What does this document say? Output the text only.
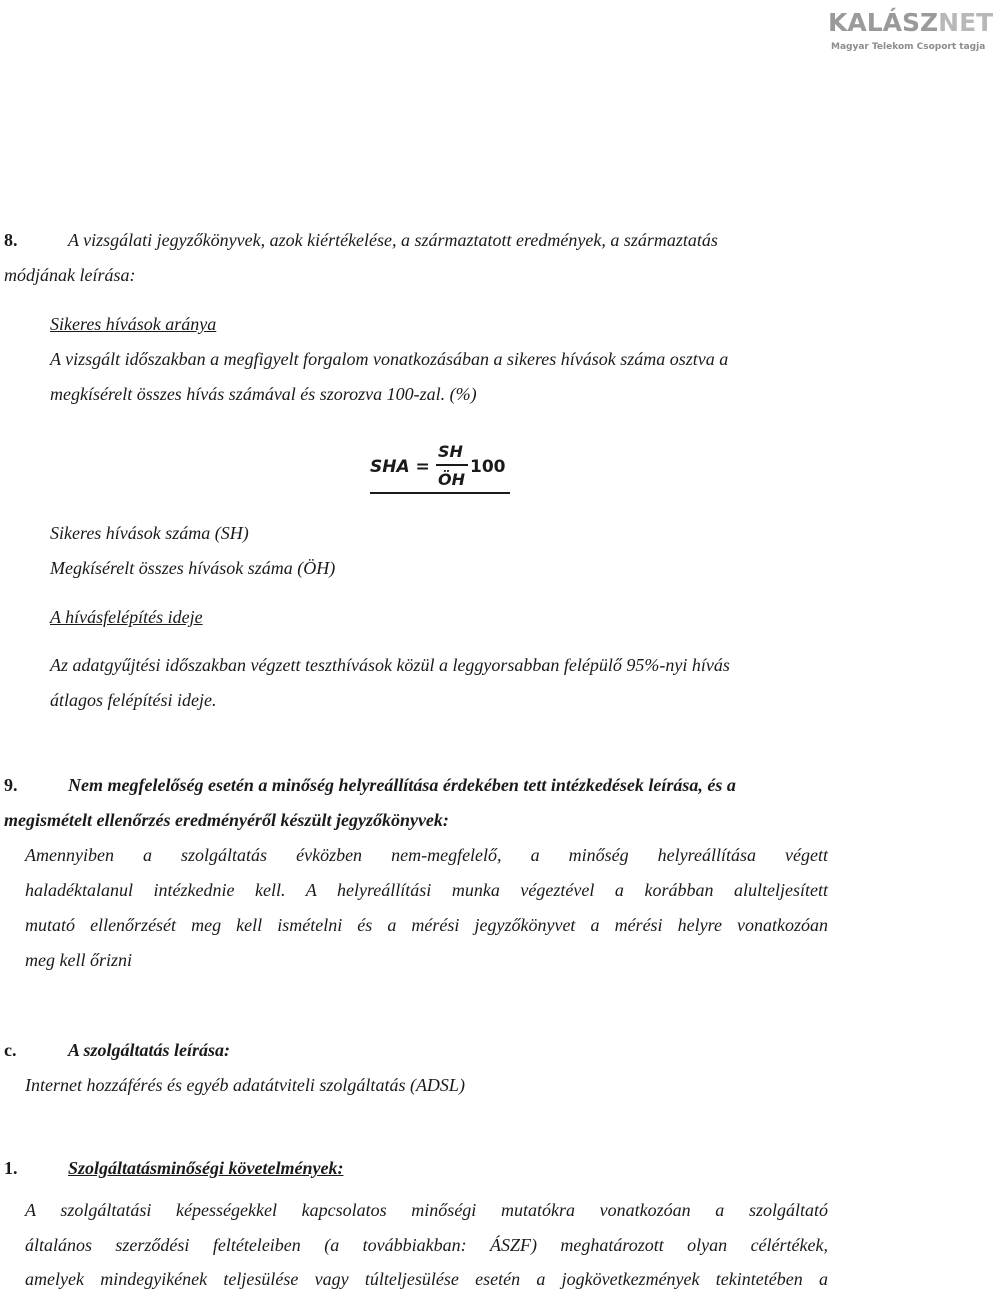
KALÁSZNET
Magyar Telekom Csoport tagja
8.	A vizsgálati jegyzőkönyvek, azok kiértékelése, a származtatott eredmények, a származtatás
módjának leírása:
Sikeres hívások aránya
A vizsgált időszakban a megfigyelt forgalom vonatkozásában a sikeres hívások száma osztva a
megkísérelt összes hívás számával és szorozva 100-zal. (%)
SHA =
SH
ÖH
100
Sikeres hívások száma (SH)
Megkísérelt összes hívások száma (ÖH)
A hívásfelépítés ideje
Az adatgyűjtési időszakban végzett teszthívások közül a leggyorsabban felépülő 95%-nyi hívás
átlagos felépítési ideje.
9.	Nem megfelelőség esetén a minőség helyreállítása érdekében tett intézkedések leírása, és a
megismételt ellenőrzés eredményéről készült jegyzőkönyvek:
Amennyiben a szolgáltatás évközben nem-megfelelő, a minőség helyreállítása végett
haladéktalanul intézkednie kell. A helyreállítási munka végeztével a korábban alulteljesített
mutató ellenőrzését meg kell ismételni és a mérési jegyzőkönyvet a mérési helyre vonatkozóan
meg kell őrizni
c.	A szolgáltatás leírása:
Internet hozzáférés és egyéb adatátviteli szolgáltatás (ADSL)
1.	Szolgáltatásminőségi követelmények:
A szolgáltatási képességekkel kapcsolatos minőségi mutatókra vonatkozóan a szolgáltató
általános szerződési feltételeiben (a továbbiakban: ÁSZF) meghatározott olyan célértékek,
amelyek mindegyikének teljesülése vagy túlteljesülése esetén a jogkövetkezmények tekintetében a
